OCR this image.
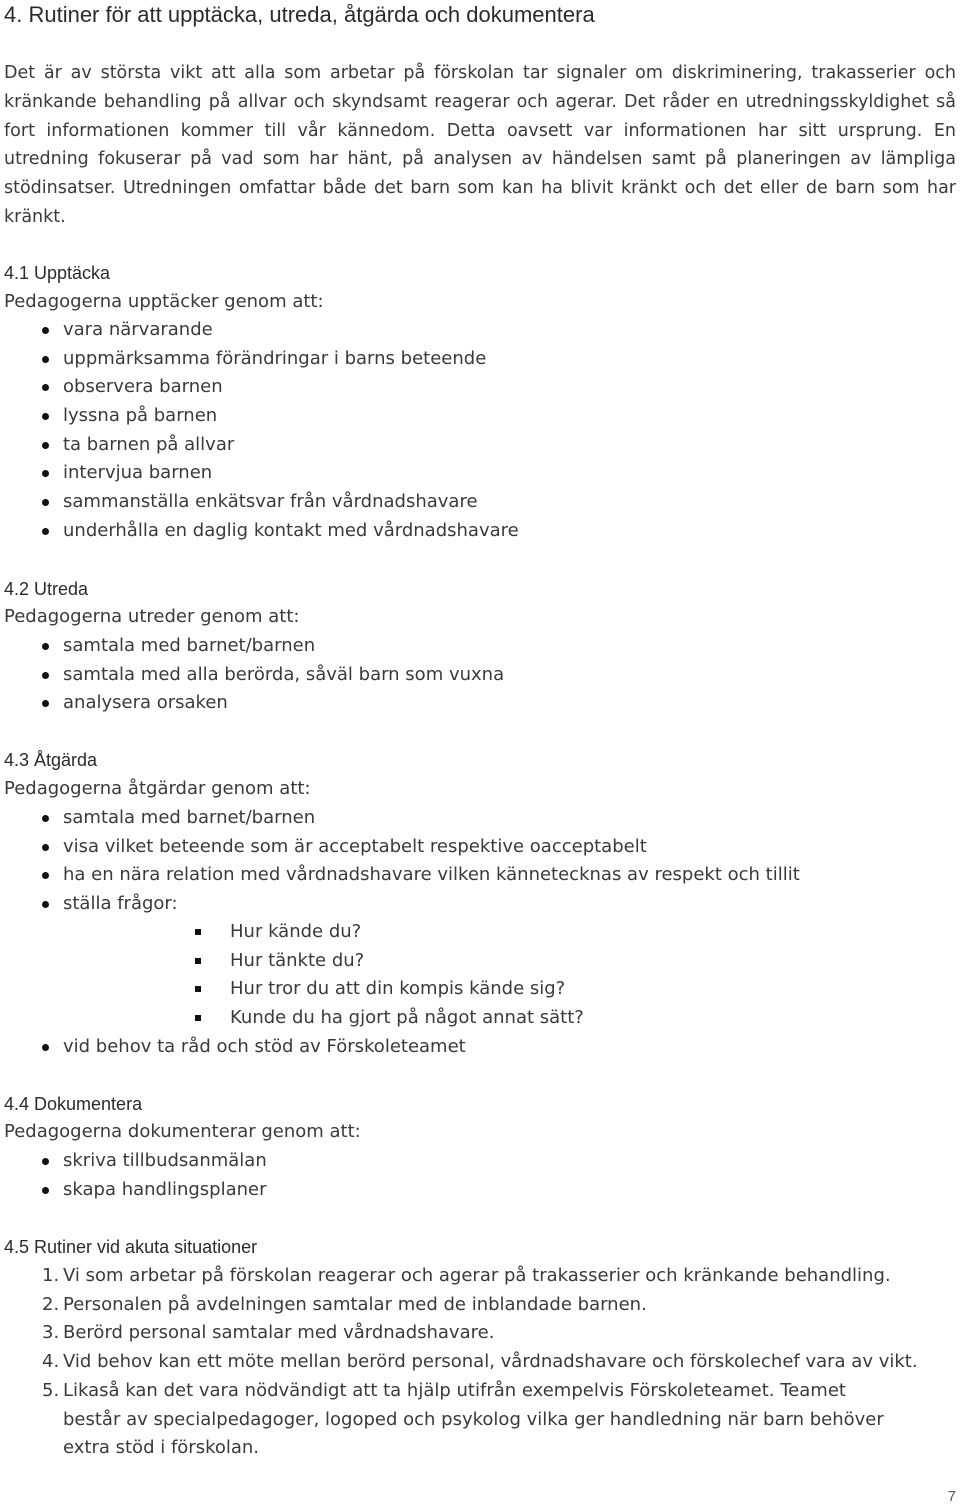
4. Rutiner för att upptäcka, utreda, åtgärda och dokumentera

Det är av största vikt att alla som arbetar på förskolan tar signaler om diskriminering, trakasserier och kränkande behandling på allvar och skyndsamt reagerar och agerar. Det råder en utredningsskyldighet så fort informationen kommer till vår kännedom. Detta oavsett var informationen har sitt ursprung. En utredning fokuserar på vad som har hänt, på analysen av händelsen samt på planeringen av lämpliga stödinsatser. Utredningen omfattar både det barn som kan ha blivit kränkt och det eller de barn som har kränkt.

4.1 Upptäcka

Pedagogerna upptäcker genom att:

vara närvarande
uppmärksamma förändringar i barns beteende
observera barnen
lyssna på barnen
ta barnen på allvar
intervjua barnen
sammanställa enkätsvar från vårdnadshavare
underhålla en daglig kontakt med vårdnadshavare

4.2 Utreda

Pedagogerna utreder genom att:

samtala med barnet/barnen
samtala med alla berörda, såväl barn som vuxna
analysera orsaken

4.3 Åtgärda

Pedagogerna åtgärdar genom att:

samtala med barnet/barnen
visa vilket beteende som är acceptabelt respektive oacceptabelt
ha en nära relation med vårdnadshavare vilken kännetecknas av respekt och tillit
ställa frågor:
Hur kände du?
Hur tänkte du?
Hur tror du att din kompis kände sig?
Kunde du ha gjort på något annat sätt?
vid behov ta råd och stöd av Förskoleteamet

4.4 Dokumentera

Pedagogerna dokumenterar genom att:

skriva tillbudsanmälan
skapa handlingsplaner

4.5 Rutiner vid akuta situationer

1. Vi som arbetar på förskolan reagerar och agerar på trakasserier och kränkande behandling.
2. Personalen på avdelningen samtalar med de inblandade barnen.
3. Berörd personal samtalar med vårdnadshavare.
4. Vid behov kan ett möte mellan berörd personal, vårdnadshavare och förskolechef vara av vikt.
5. Likaså kan det vara nödvändigt att ta hjälp utifrån exempelvis Förskoleteamet. Teamet består av specialpedagoger, logoped och psykolog vilka ger handledning när barn behöver extra stöd i förskolan.
7
